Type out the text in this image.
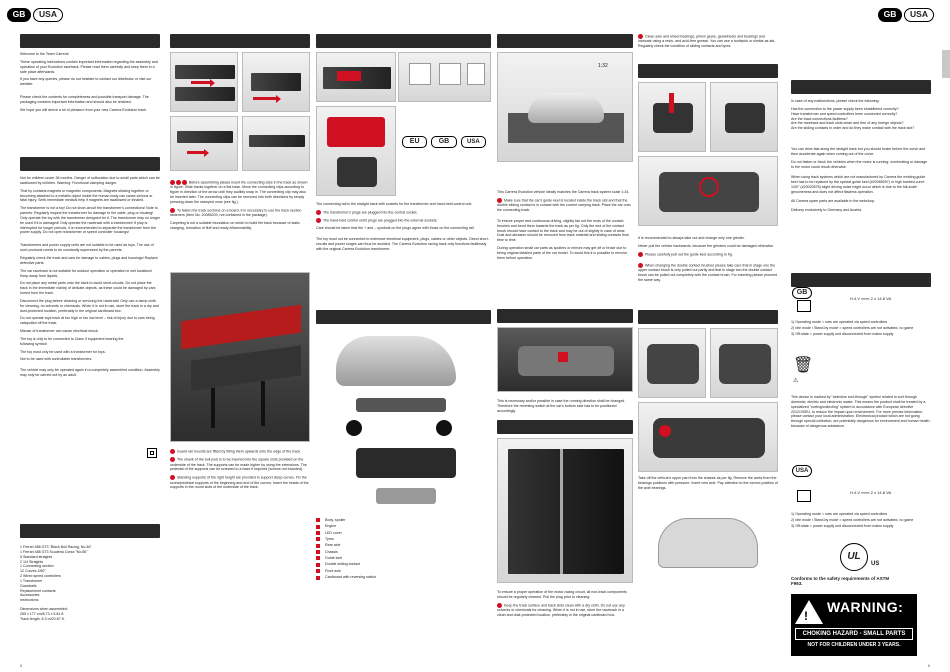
GB	USA	GB	USA

Welcome to the Team Carrera!

These operating instructions contain important information regarding the assembly and operation of your Evolution racetrack. Please read them carefully and keep them in a safe place afterwards.

If you have any queries, please do not hesitate to contact our distributor or visit our website:

Please check the contents for completeness and possible transport damage. The packaging contains important information and should also be retained.

We hope you will derive a lot of pleasure from your new Carrera Evolution track.

Not for children under 36 months. Danger of suffocation due to small parts which can be swallowed by children. Warning. Functional clamping danger.

That by contains magnets or magnetic components. Magnets sticking together or becoming attached to a metallic object inside the human body can cause serious or fatal injury. Seek immediate medical help if magnets are swallowed or inhaled.

The transformer is not a toy! Do not short-circuit the transformer's connections! Note to parents: Regularly inspect the transformer for damage to the cable, plug or housing! Only operate the toy with the transformer designed for it. The transformer may no longer be used if it is damaged! Only operate the racetrack with a transformer! If play is interrupted for longer periods, it is recommended to separate the transformer from the power supply. Do not open transformer or speed controller housings!

Transformers and power supply units are not suitable to be used as toys. The use of such products needs to be constantly supervised by the parents.

Regularly check the track and cars for damage to cables, plugs and housings! Replace defective parts.

The car racetrack is not suitable for outdoor operation or operation in wet locations! Keep away from liquids.

Do not place any metal parts onto the track to avoid short-circuits. Do not place the track in the immediate vicinity of delicate objects, as these could be damaged by cars hurled from the track.

Disconnect the plug before cleaning or servicing the racetrack! Only use a damp cloth for cleaning, no solvents or chemicals. When it is not in use, store the track in a dry and dust-protected location, preferably in the original cardboard box.

Do not operate toys track at too high or too low level – risk of injury due to cars being catapulted off the track.

Misuse of transformer can cause electrical shock.

The toy is only to be connected to Class II equipment bearing the following symbol:

The toy must only be used with a transformer for toys.

Not to be used with controllable transformers.

The vehicle may only be operated again in a completely assembled condition. Assembly may only be carried out by an adult.

1 Ferrari 488 GT3 "Black Bull Racing, No.46"
1 Ferrari 488 GT3 Scuderia Corsa "No.66"
5 Standard straights
2 1/4 Straights
1 Connecting section
12 Curves 1/60°
2 Wired speed controllers
1 Transformer
Guardrails
Replacement contacts
Accessories
Instructions
Dimensions when assembled:
265 x 177 cm/8.73 x 5.81 ft.
Track length: 6.3 m/20.67 ft.
5

Before assembling please insert the connecting clips in the track as shown in figure. Slide tracks together on a flat base. Move the connecting clips according to figure in direction of the arrow until they audibly snap in. The connecting clip may also be inserted later. The connecting clips can be removed into both directions by simply pressing down the stamped nose (see fig.).

To fasten the track sections on a board, it is necessary to use the track section fasteners (Item No. 20085209, not contained in the package).

Carpeting is not a suitable foundation on which to build the track because of static charging, formation of fluff and ready inflammability.

Guard rail mounts are fitted by tilting them upwards onto the edge of the track.

The shank of the bull post is to be inserted into the square slots provided on the underside of the track. The supports can be made higher by using the extensions. The pedestal of the supports can be screwed to a base if required (screws not included).

Standing supports of the right height are provided to support steep curves. Fix the screw/pedestal supports of the beginning and end of the curves. Insert the heads of the supports in the round slots of the underside of the track.

EU	GB	USA

The connecting rail is the straight track with sockets for the transformer and hand-held control unit.

The transformer's plugs are plugged into the central socket.

The hand-held control unit's plugs are plugged into the external sockets.

Care should be taken that the + and – symbols on the plugs agree with those on the connecting rail.

The toy must not be connected to extensive electrical equipment, plugs, cables or other objects. Direct short-circuits and power surges can thus be avoided. The Carrera Evolution racing track only functions faultlessly with the original Carrera Evolution transformer.

Body, spoiler
Engine
LED cover
Tyres
Rear axle
Chassis
Guide keel
Double sliding contact
Front axle
Cardboard with reversing switch
1:32

This Carrera Evolution vehicle ideally matches the Carrera track system scale 1:24.

Make sure that the car's guide keel is located inside the track slot and that the double sliding contact is in contact with the current carrying track. Place the car onto the connecting track.

To ensure proper and continuous driving, slightly fan out the ends of the contact brushes and bend them towards the track as per fig. Only the end of the contact brush should have contact to the track and may be out of slightly in case of wear. Dust and abrasion should be removed from track material and sliding contacts from time to time.

During operation small car parts as spoilers or mirrors may get off or broke due to being original detailed parts of the car model. To avoid this it is possible to remove them before operation.

This is necessary and/or possible in case the running direction shall be changed. Therefore the reversing switch at the car's bottom side has to be positioned accordingly.

To ensure a proper operation of the motor-racing circuit, all non-track components should be regularly cleaned. Pull the plug prior to cleaning.

Keep the track surface and track slots clean with a dry cloth. Do not use any solvents or chemicals for cleaning. When it is not in use, store the racetrack in a clean and dust-protected location, preferably in the original cardboard box.

Clean axle and wheel bearings, pinion gears, gearwheels and bearings and lubricate using a resin- and acid-free grease. You can use a toothpick or similar as aid. Regularly check the condition of sliding contacts and tyres.

It is recommended to always take out and change only one grinder.

Never pull the vehicle backwards, because the grinders could be damaged otherwise.

Please carefully pull out the guide keel according to fig.

When changing the double contact brushes please take care that in stage one the upper contact brush is only pulled out partly and that in stage two the double contact brush can be pulled out completely with the contact brush. For inserting please proceed the same way.

Take off the vehicle's upper part from the chassis as per fig. Remove the axles from the bearings positions with pressure. Insert new axle. Pay attention to the correct position of the axle bearings.

In case of any malfunctions, please check the following:

Has the connection to the power supply been established correctly?

Have transformer and speed controllers been connected correctly?

Are the track connections faultless?

Are the racetrack and track slots clean and free of any foreign objects?

Are the sliding contacts in order and do they make contact with the track slot?

You can drive fast along the straight track but you should brake before the curve and then accelerate again when coming out of the curve.

Do not fasten or block the vehicles when the motor is running: overheating or damage to the motor could result otherwise.

When using track systems which are not manufactured by Carrera the existing guide keel has to be replaced by the special guide keel (#20085097) or high banked curve 1/30° (#20020576) slight driving noise might occur which is due to the full-scale genuineness and does not affect flawless operation.

All Carrera spare parts are available in the webshop:

Delivery exclusively to Germany and Austria.

GB
H.4.V ═══ 2 x 14.8 VA

1) Operating mode = cars are operated via speed controllers

2) Idle mode / Stand-by mode = speed controllers are not activated, no game

3) Off-state = power supply unit disconnected from mains supply

🗑
⚠

This device is marked by "selective sort-through" symbol related to sort through domestic, electric and electronic waste. This means the product shall be treated by a specialized "sorting/collecting" system in accordance with European directive 2012/19/EU, to reduce the impact upon environment. For more precise information, please contact your local administration. Electronical product which are not going through special collection, are potentially dangerous for environment and human health, because of dangerous substance.

USA
H.4.V ═══ 2 x 14.8 VA

1) Operating mode = cars are operated via speed controllers

2) Idle mode / Stand-by mode = speed controllers are not activated, no game

3) Off-state = power supply unit disconnected from mains supply

UL
US
Conforms to the safety requirements of ASTM F963.
!
WARNING:
CHOKING HAZARD - SMALL PARTS
NOT FOR CHILDREN UNDER 3 YEARS.
6
